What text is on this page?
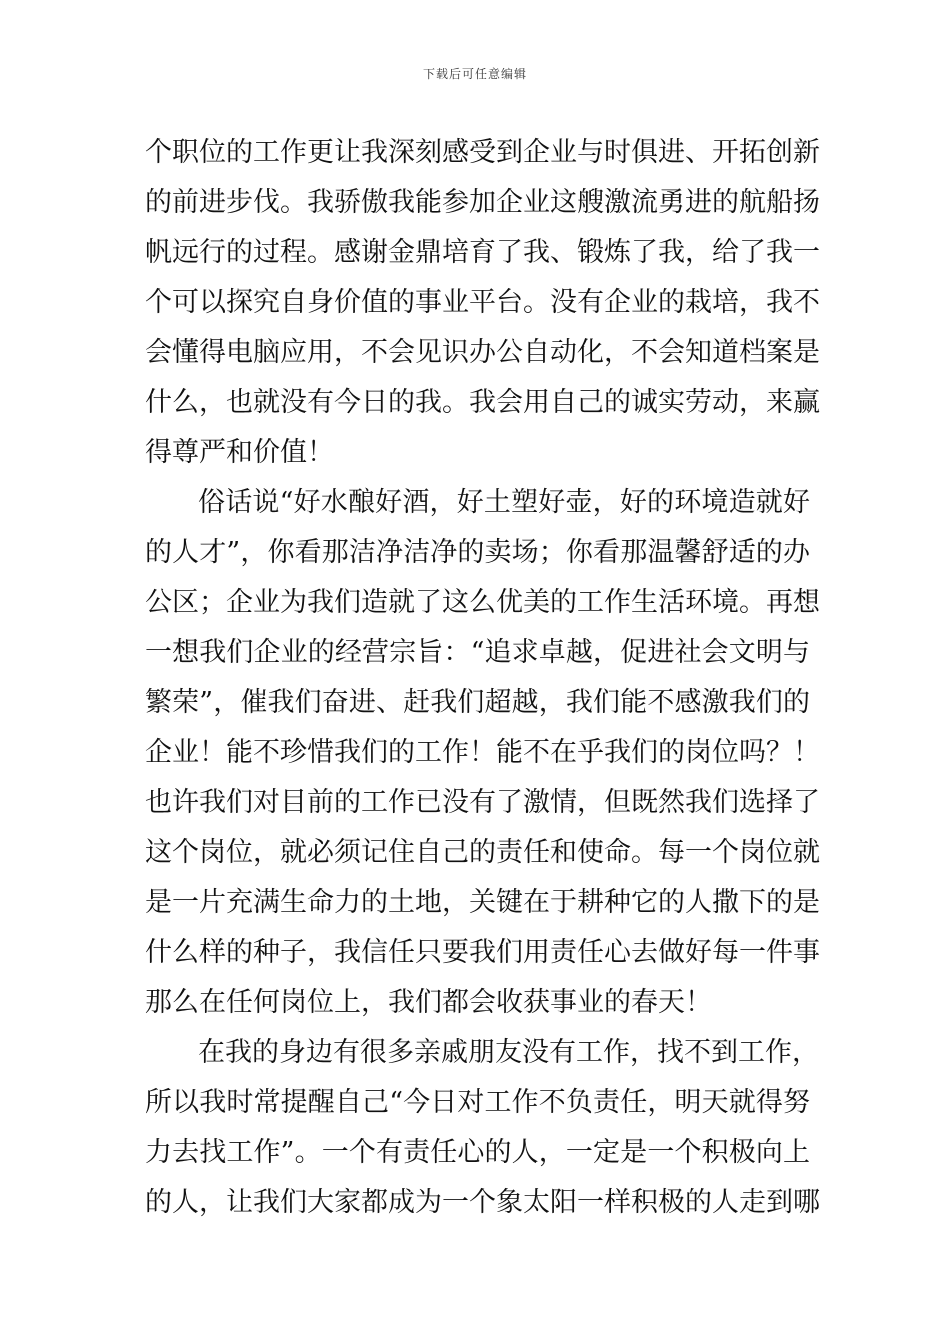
下载后可任意编辑
个职位的工作更让我深刻感受到企业与时俱进、开拓创新
的前进步伐。我骄傲我能参加企业这艘激流勇进的航船扬
帆远行的过程。感谢金鼎培育了我、锻炼了我，给了我一
个可以探究自身价值的事业平台。没有企业的栽培，我不
会懂得电脑应用，不会见识办公自动化，不会知道档案是
什么，也就没有今日的我。我会用自己的诚实劳动，来赢
得尊严和价值！
俗话说“好水酿好酒，好土塑好壶，好的环境造就好
的人才”，你看那洁净洁净的卖场；你看那温馨舒适的办
公区；企业为我们造就了这么优美的工作生活环境。再想
一想我们企业的经营宗旨：“追求卓越，促进社会文明与
繁荣”，催我们奋进、赶我们超越，我们能不感激我们的
企业！能不珍惜我们的工作！能不在乎我们的岗位吗？！
也许我们对目前的工作已没有了激情，但既然我们选择了
这个岗位，就必须记住自己的责任和使命。每一个岗位就
是一片充满生命力的土地，关键在于耕种它的人撒下的是
什么样的种子，我信任只要我们用责任心去做好每一件事
那么在任何岗位上，我们都会收获事业的春天！
在我的身边有很多亲戚朋友没有工作，找不到工作，
所以我时常提醒自己“今日对工作不负责任，明天就得努
力去找工作”。一个有责任心的人，一定是一个积极向上
的人，让我们大家都成为一个象太阳一样积极的人走到哪
